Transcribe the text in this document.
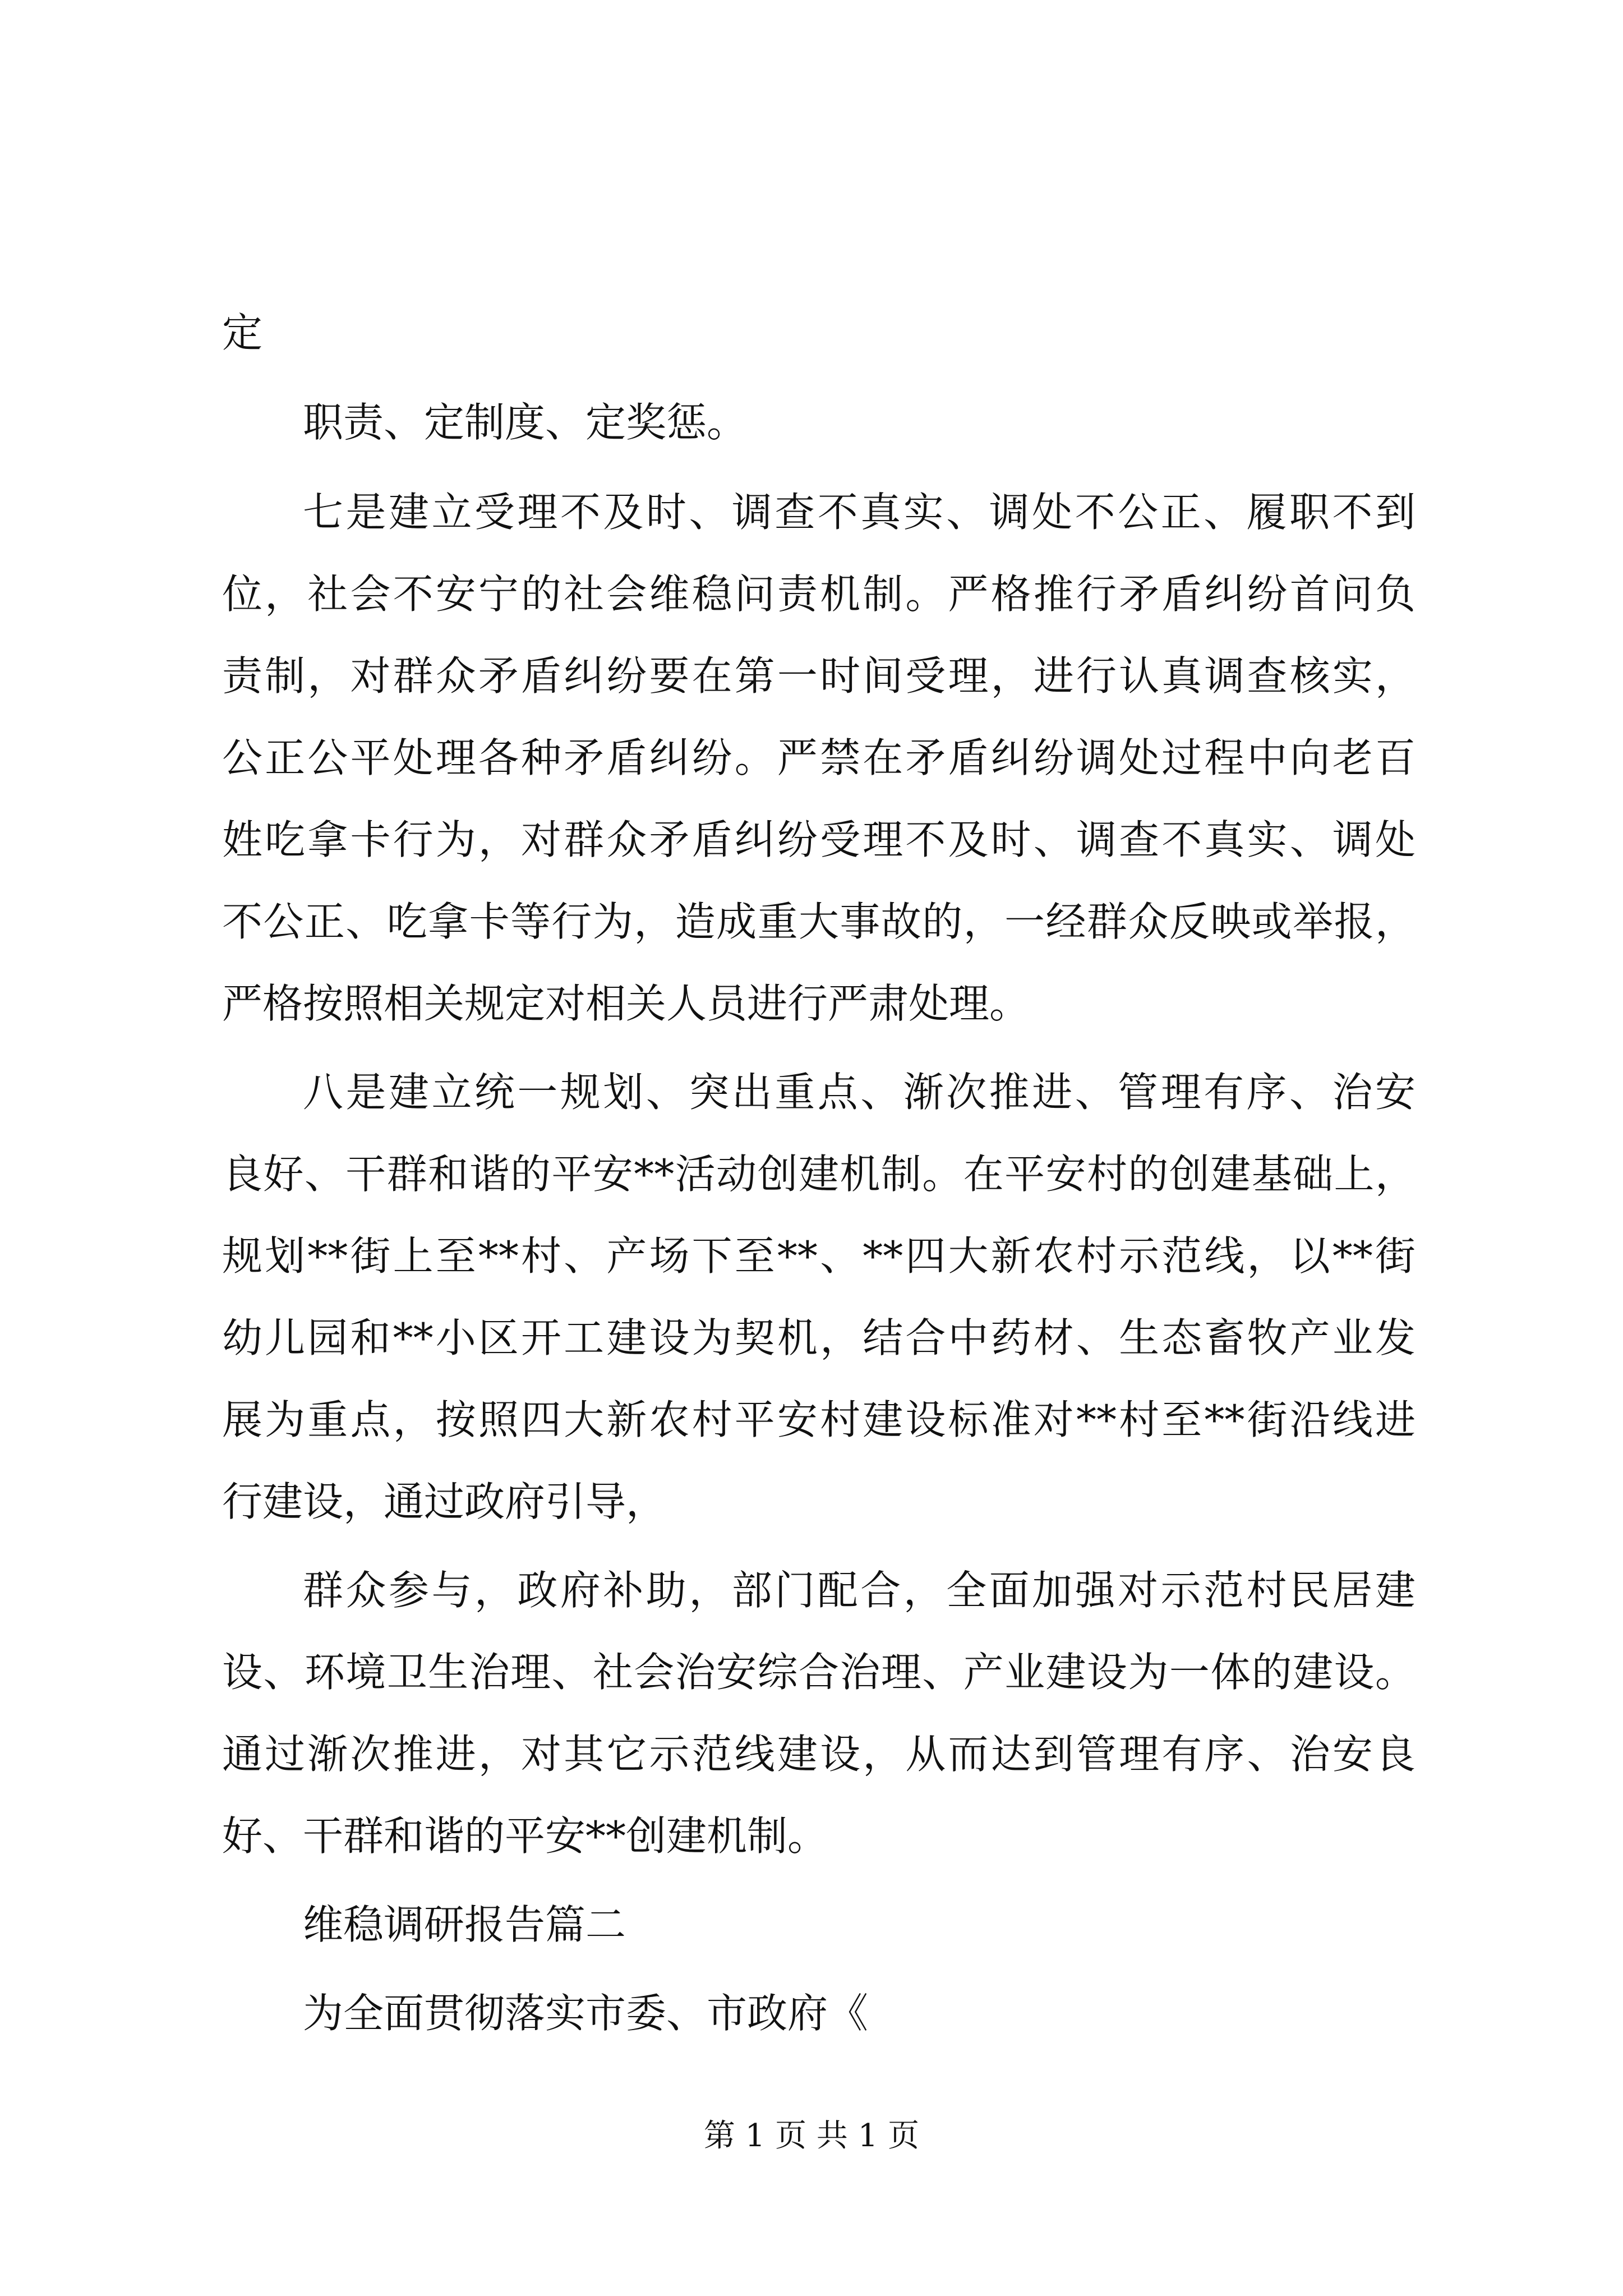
定

职责、定制度、定奖惩。

七是建立受理不及时、调查不真实、调处不公正、履职不到

位，社会不安宁的社会维稳问责机制。严格推行矛盾纠纷首问负

责制，对群众矛盾纠纷要在第一时间受理，进行认真调查核实，

公正公平处理各种矛盾纠纷。严禁在矛盾纠纷调处过程中向老百

姓吃拿卡行为，对群众矛盾纠纷受理不及时、调查不真实、调处

不公正、吃拿卡等行为，造成重大事故的，一经群众反映或举报，

严格按照相关规定对相关人员进行严肃处理。

八是建立统一规划、突出重点、渐次推进、管理有序、治安

良好、干群和谐的平安**活动创建机制。在平安村的创建基础上，

规划**街上至**村、产场下至**、**四大新农村示范线，以**街

幼儿园和**小区开工建设为契机，结合中药材、生态畜牧产业发

展为重点，按照四大新农村平安村建设标准对**村至**街沿线进

行建设，通过政府引导，

群众参与，政府补助，部门配合，全面加强对示范村民居建

设、环境卫生治理、社会治安综合治理、产业建设为一体的建设。

通过渐次推进，对其它示范线建设，从而达到管理有序、治安良

好、干群和谐的平安**创建机制。

维稳调研报告篇二

为全面贯彻落实市委、市政府《

第 1 页 共 1 页
